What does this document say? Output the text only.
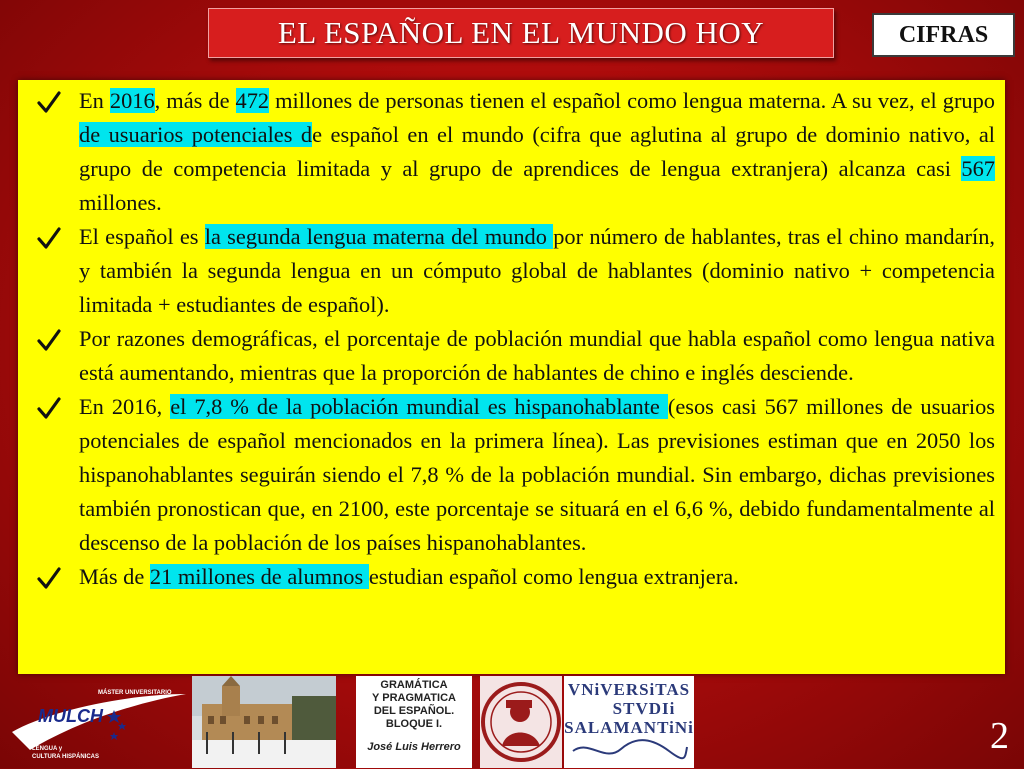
EL ESPAÑOL EN EL MUNDO HOY	CIFRAS
En 2016, más de 472 millones de personas tienen el español como lengua materna. A su vez, el grupo de usuarios potenciales de español en el mundo (cifra que aglutina al grupo de dominio nativo, al grupo de competencia limitada y al grupo de aprendices de lengua extranjera) alcanza casi 567 millones.
El español es la segunda lengua materna del mundo por número de hablantes, tras el chino mandarín, y también la segunda lengua en un cómputo global de hablantes (dominio nativo + competencia limitada + estudiantes de español).
Por razones demográficas, el porcentaje de población mundial que habla español como lengua nativa está aumentando, mientras que la proporción de hablantes de chino e inglés desciende.
En 2016, el 7,8 % de la población mundial es hispanohablante (esos casi 567 millones de usuarios potenciales de español mencionados en la primera línea). Las previsiones estiman que en 2050 los hispanohablantes seguirán siendo el 7,8 % de la población mundial. Sin embargo, dichas previsiones también pronostican que, en 2100, este porcentaje se situará en el 6,6 %, debido fundamentalmente al descenso de la población de los países hispanohablantes.
Más de 21 millones de alumnos estudian español como lengua extranjera.
MÁSTER UNIVERSITARIO
MULCH
LENGUA y
CULTURA HISPÁNICAS
GRAMÁTICA
Y PRAGMATICA
DEL ESPAÑOL.
BLOQUE I.
José Luis Herrero
VNiVERSiTAS
STVDIi
SALAMANTiNi	2
